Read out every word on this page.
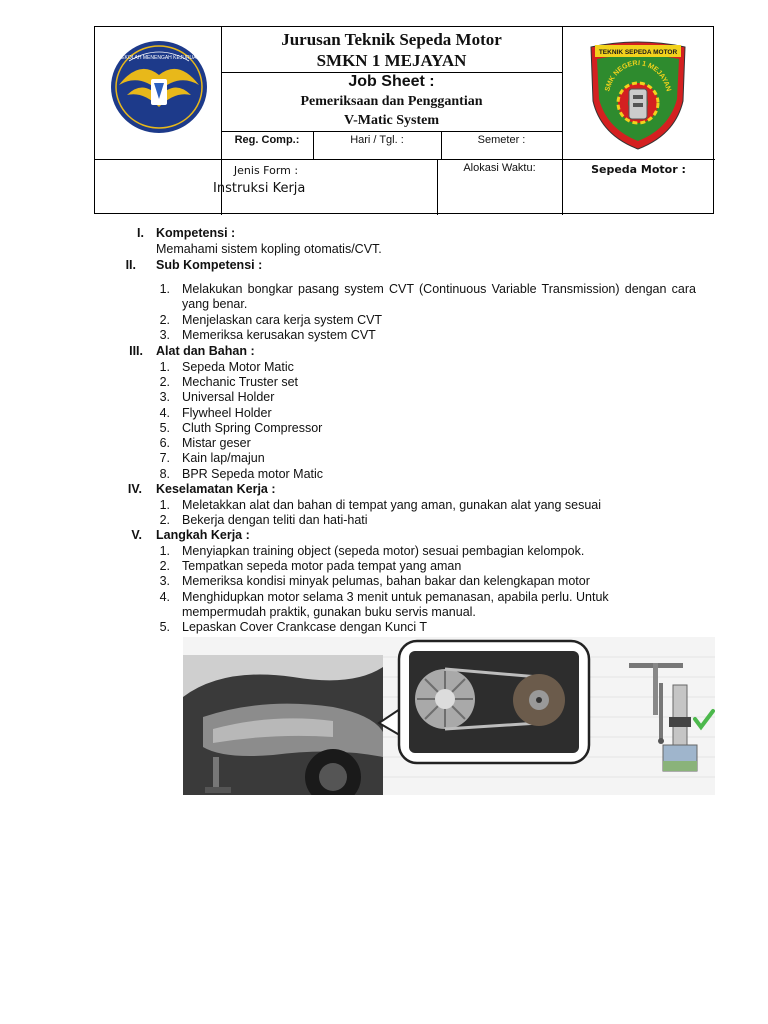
SEKOLAH MENENGAH KEJURUAN
Jurusan Teknik Sepeda Motor
SMKN 1 MEJAYAN
Job Sheet :
Pemeriksaan dan Penggantian
V-Matic System
Reg. Comp.:	Hari / Tgl. :	Semeter :
Jenis Form :
Instruksi Kerja
Alokasi Waktu:	Sepeda Motor :
TEKNIK SEPEDA MOTOR
SMK NEGERI 1 MEJAYAN
I. Kompetensi :
Memahami sistem kopling otomatis/CVT.
II. Sub Kompetensi :
1. Melakukan bongkar pasang system CVT (Continuous Variable Transmission) dengan cara yang benar.
2. Menjelaskan cara kerja system CVT
3. Memeriksa kerusakan system CVT
III. Alat dan Bahan :
1. Sepeda Motor Matic
2. Mechanic Truster set
3. Universal Holder
4. Flywheel Holder
5. Cluth Spring Compressor
6. Mistar geser
7. Kain lap/majun
8. BPR Sepeda motor Matic
IV. Keselamatan Kerja :
1. Meletakkan alat dan bahan di tempat yang aman, gunakan alat yang sesuai
2. Bekerja dengan teliti dan hati-hati
V. Langkah Kerja :
1. Menyiapkan training object (sepeda motor) sesuai pembagian kelompok.
2. Tempatkan sepeda motor pada tempat yang aman
3. Memeriksa kondisi minyak pelumas, bahan bakar dan kelengkapan motor
4. Menghidupkan motor selama 3 menit untuk pemanasan, apabila perlu. Untuk mempermudah praktik, gunakan buku servis manual.
5. Lepaskan Cover Crankcase dengan Kunci T
